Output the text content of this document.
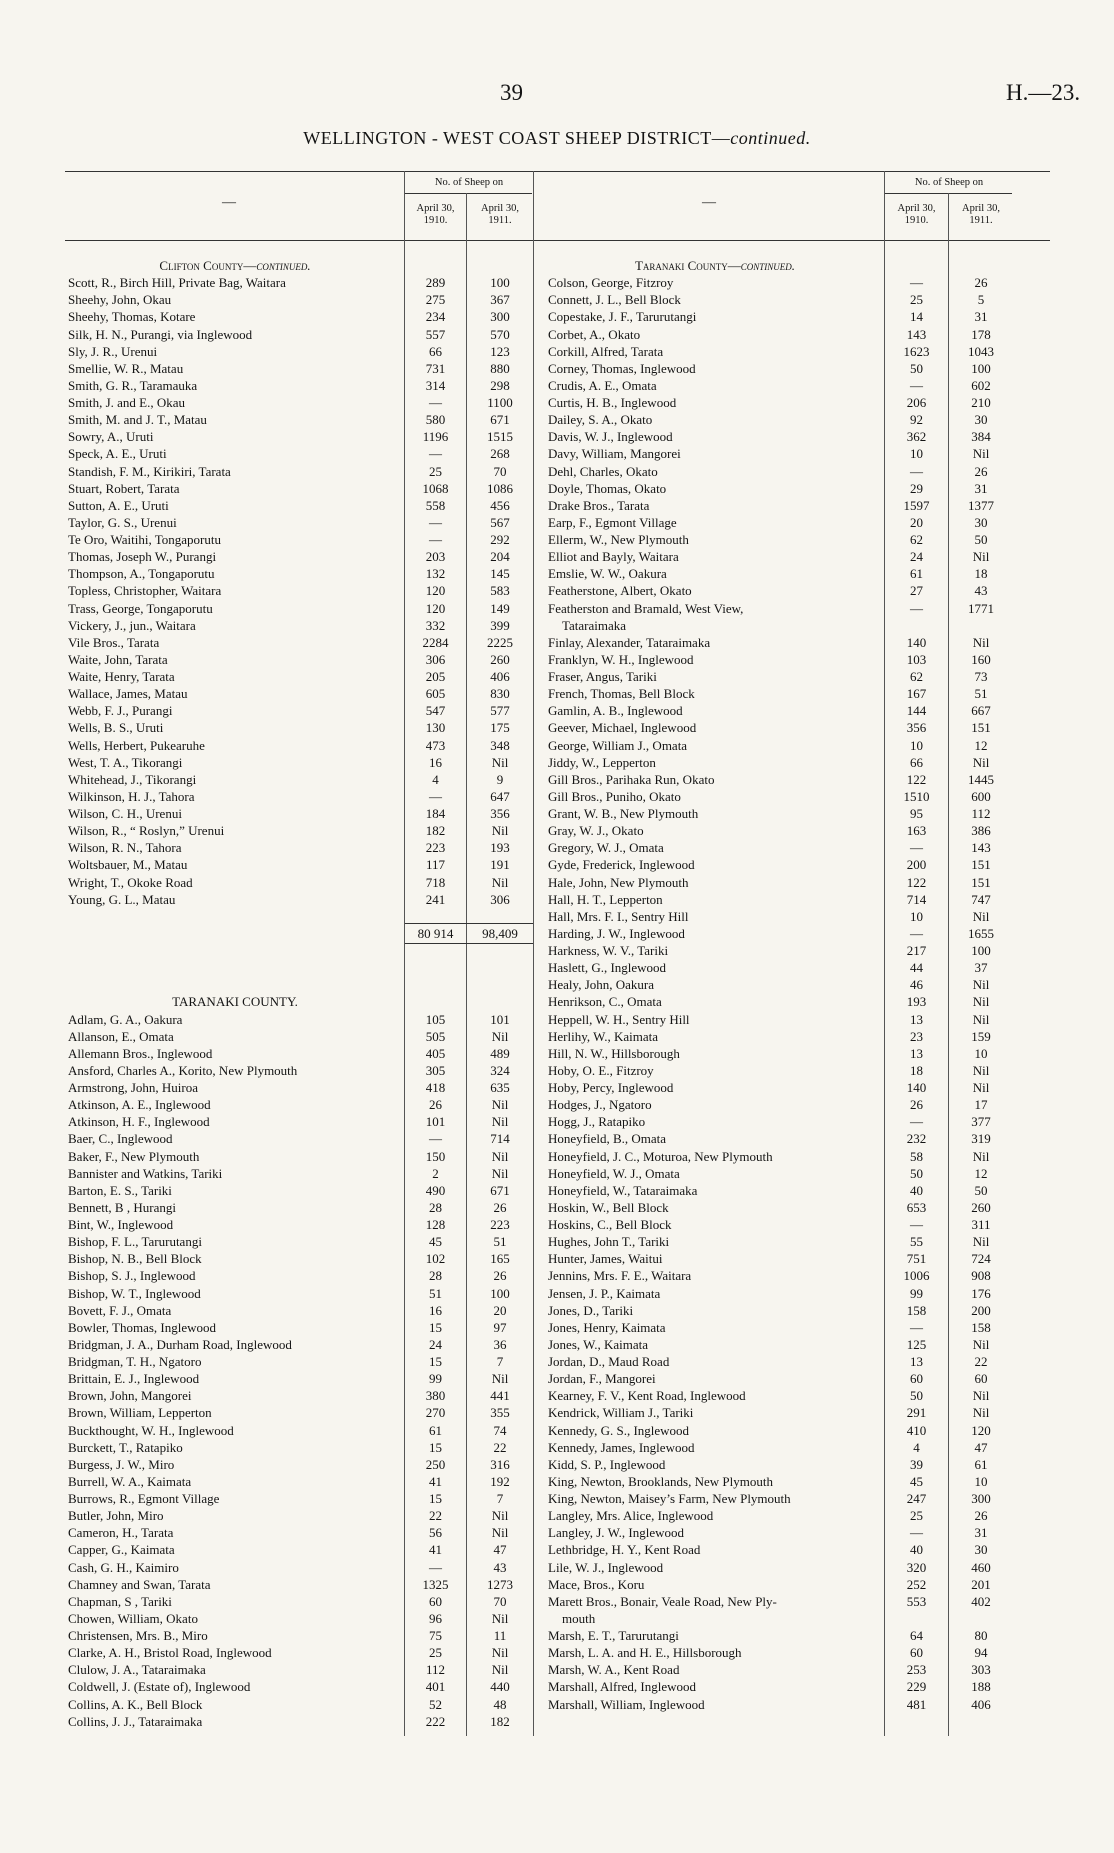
39	H.—23.
WELLINGTON - WEST COAST SHEEP DISTRICT—continued.
—	—
No. of Sheep on	No. of Sheep on
April 30,
1910.
April 30,
1911.
April 30,
1910.
April 30,
1911.
Clifton County—continued.
Scott, R., Birch Hill, Private Bag, Waitara	289	100
Sheehy, John, Okau	275	367
Sheehy, Thomas, Kotare	234	300
Silk, H. N., Purangi, via Inglewood	557	570
Sly, J. R., Urenui	66	123
Smellie, W. R., Matau	731	880
Smith, G. R., Taramauka	314	298
Smith, J. and E., Okau	—	1100
Smith, M. and J. T., Matau	580	671
Sowry, A., Uruti	1196	1515
Speck, A. E., Uruti	—	268
Standish, F. M., Kirikiri, Tarata	25	70
Stuart, Robert, Tarata	1068	1086
Sutton, A. E., Uruti	558	456
Taylor, G. S., Urenui	—	567
Te Oro, Waitihi, Tongaporutu	—	292
Thomas, Joseph W., Purangi	203	204
Thompson, A., Tongaporutu	132	145
Topless, Christopher, Waitara	120	583
Trass, George, Tongaporutu	120	149
Vickery, J., jun., Waitara	332	399
Vile Bros., Tarata	2284	2225
Waite, John, Tarata	306	260
Waite, Henry, Tarata	205	406
Wallace, James, Matau	605	830
Webb, F. J., Purangi	547	577
Wells, B. S., Uruti	130	175
Wells, Herbert, Pukearuhe	473	348
West, T. A., Tikorangi	16	Nil
Whitehead, J., Tikorangi	4	9
Wilkinson, H. J., Tahora	—	647
Wilson, C. H., Urenui	184	356
Wilson, R., “ Roslyn,” Urenui	182	Nil
Wilson, R. N., Tahora	223	193
Woltsbauer, M., Matau	117	191
Wright, T., Okoke Road	718	Nil
Young, G. L., Matau	241	306
80 914	98,409
TARANAKI COUNTY.
Adlam, G. A., Oakura	105	101
Allanson, E., Omata	505	Nil
Allemann Bros., Inglewood	405	489
Ansford, Charles A., Korito, New Plymouth	305	324
Armstrong, John, Huiroa	418	635
Atkinson, A. E., Inglewood	26	Nil
Atkinson, H. F., Inglewood	101	Nil
Baer, C., Inglewood	—	714
Baker, F., New Plymouth	150	Nil
Bannister and Watkins, Tariki	2	Nil
Barton, E. S., Tariki	490	671
Bennett, B , Hurangi	28	26
Bint, W., Inglewood	128	223
Bishop, F. L., Tarurutangi	45	51
Bishop, N. B., Bell Block	102	165
Bishop, S. J., Inglewood	28	26
Bishop, W. T., Inglewood	51	100
Bovett, F. J., Omata	16	20
Bowler, Thomas, Inglewood	15	97
Bridgman, J. A., Durham Road, Inglewood	24	36
Bridgman, T. H., Ngatoro	15	7
Brittain, E. J., Inglewood	99	Nil
Brown, John, Mangorei	380	441
Brown, William, Lepperton	270	355
Buckthought, W. H., Inglewood	61	74
Burckett, T., Ratapiko	15	22
Burgess, J. W., Miro	250	316
Burrell, W. A., Kaimata	41	192
Burrows, R., Egmont Village	15	7
Butler, John, Miro	22	Nil
Cameron, H., Tarata	56	Nil
Capper, G., Kaimata	41	47
Cash, G. H., Kaimiro	—	43
Chamney and Swan, Tarata	1325	1273
Chapman, S , Tariki	60	70
Chowen, William, Okato	96	Nil
Christensen, Mrs. B., Miro	75	11
Clarke, A. H., Bristol Road, Inglewood	25	Nil
Clulow, J. A., Tataraimaka	112	Nil
Coldwell, J. (Estate of), Inglewood	401	440
Collins, A. K., Bell Block	52	48
Collins, J. J., Tataraimaka	222	182
Taranaki County—continued.
Colson, George, Fitzroy	—	26
Connett, J. L., Bell Block	25	5
Copestake, J. F., Tarurutangi	14	31
Corbet, A., Okato	143	178
Corkill, Alfred, Tarata	1623	1043
Corney, Thomas, Inglewood	50	100
Crudis, A. E., Omata	—	602
Curtis, H. B., Inglewood	206	210
Dailey, S. A., Okato	92	30
Davis, W. J., Inglewood	362	384
Davy, William, Mangorei	10	Nil
Dehl, Charles, Okato	—	26
Doyle, Thomas, Okato	29	31
Drake Bros., Tarata	1597	1377
Earp, F., Egmont Village	20	30
Ellerm, W., New Plymouth	62	50
Elliot and Bayly, Waitara	24	Nil
Emslie, W. W., Oakura	61	18
Featherstone, Albert, Okato	27	43
Featherston and Bramald, West View,	—	1771
Tataraimaka
Finlay, Alexander, Tataraimaka	140	Nil
Franklyn, W. H., Inglewood	103	160
Fraser, Angus, Tariki	62	73
French, Thomas, Bell Block	167	51
Gamlin, A. B., Inglewood	144	667
Geever, Michael, Inglewood	356	151
George, William J., Omata	10	12
Jiddy, W., Lepperton	66	Nil
Gill Bros., Parihaka Run, Okato	122	1445
Gill Bros., Puniho, Okato	1510	600
Grant, W. B., New Plymouth	95	112
Gray, W. J., Okato	163	386
Gregory, W. J., Omata	—	143
Gyde, Frederick, Inglewood	200	151
Hale, John, New Plymouth	122	151
Hall, H. T., Lepperton	714	747
Hall, Mrs. F. I., Sentry Hill	10	Nil
Harding, J. W., Inglewood	—	1655
Harkness, W. V., Tariki	217	100
Haslett, G., Inglewood	44	37
Healy, John, Oakura	46	Nil
Henrikson, C., Omata	193	Nil
Heppell, W. H., Sentry Hill	13	Nil
Herlihy, W., Kaimata	23	159
Hill, N. W., Hillsborough	13	10
Hoby, O. E., Fitzroy	18	Nil
Hoby, Percy, Inglewood	140	Nil
Hodges, J., Ngatoro	26	17
Hogg, J., Ratapiko	—	377
Honeyfield, B., Omata	232	319
Honeyfield, J. C., Moturoa, New Plymouth	58	Nil
Honeyfield, W. J., Omata	50	12
Honeyfield, W., Tataraimaka	40	50
Hoskin, W., Bell Block	653	260
Hoskins, C., Bell Block	—	311
Hughes, John T., Tariki	55	Nil
Hunter, James, Waitui	751	724
Jennins, Mrs. F. E., Waitara	1006	908
Jensen, J. P., Kaimata	99	176
Jones, D., Tariki	158	200
Jones, Henry, Kaimata	—	158
Jones, W., Kaimata	125	Nil
Jordan, D., Maud Road	13	22
Jordan, F., Mangorei	60	60
Kearney, F. V., Kent Road, Inglewood	50	Nil
Kendrick, William J., Tariki	291	Nil
Kennedy, G. S., Inglewood	410	120
Kennedy, James, Inglewood	4	47
Kidd, S. P., Inglewood	39	61
King, Newton, Brooklands, New Plymouth	45	10
King, Newton, Maisey’s Farm, New Plymouth	247	300
Langley, Mrs. Alice, Inglewood	25	26
Langley, J. W., Inglewood	—	31
Lethbridge, H. Y., Kent Road	40	30
Lile, W. J., Inglewood	320	460
Mace, Bros., Koru	252	201
Marett Bros., Bonair, Veale Road, New Ply-	553	402
mouth
Marsh, E. T., Tarurutangi	64	80
Marsh, L. A. and H. E., Hillsborough	60	94
Marsh, W. A., Kent Road	253	303
Marshall, Alfred, Inglewood	229	188
Marshall, William, Inglewood	481	406
